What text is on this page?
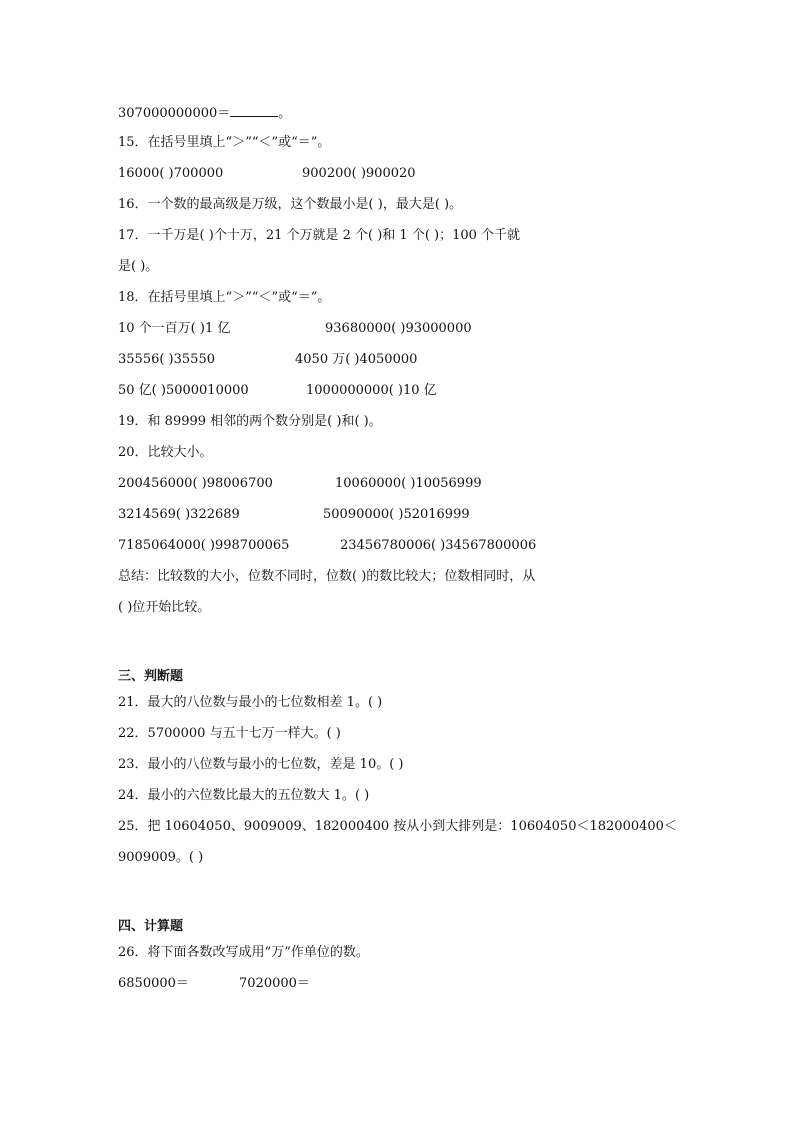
307000000000＝	。
15．在括号里填上“＞”“＜”或“＝”。
16000( )700000	900200( )900020
16．一个数的最高级是万级，这个数最小是( )，最大是( )。
17．一千万是( )个十万，21 个万就是 2 个( )和 1 个( )；100 个千就
是( )。
18．在括号里填上“＞”“＜”或“＝”。
10 个一百万( )1 亿	93680000( )93000000
35556( )35550	4050 万( )4050000
50 亿( )5000010000	1000000000( )10 亿
19．和 89999 相邻的两个数分别是( )和( )。
20．比较大小。
200456000( )98006700	10060000( )10056999
3214569( )322689	50090000( )52016999
7185064000( )998700065	23456780006( )34567800006
总结：比较数的大小，位数不同时，位数( )的数比较大；位数相同时，从
( )位开始比较。
三、判断题
21．最大的八位数与最小的七位数相差 1。( )
22．5700000 与五十七万一样大。( )
23．最小的八位数与最小的七位数，差是 10。( )
24．最小的六位数比最大的五位数大 1。( )
25．把 10604050、9009009、182000400 按从小到大排列是：10604050＜182000400＜
9009009。( )
四、计算题
26．将下面各数改写成用“万”作单位的数。
6850000＝	7020000＝
